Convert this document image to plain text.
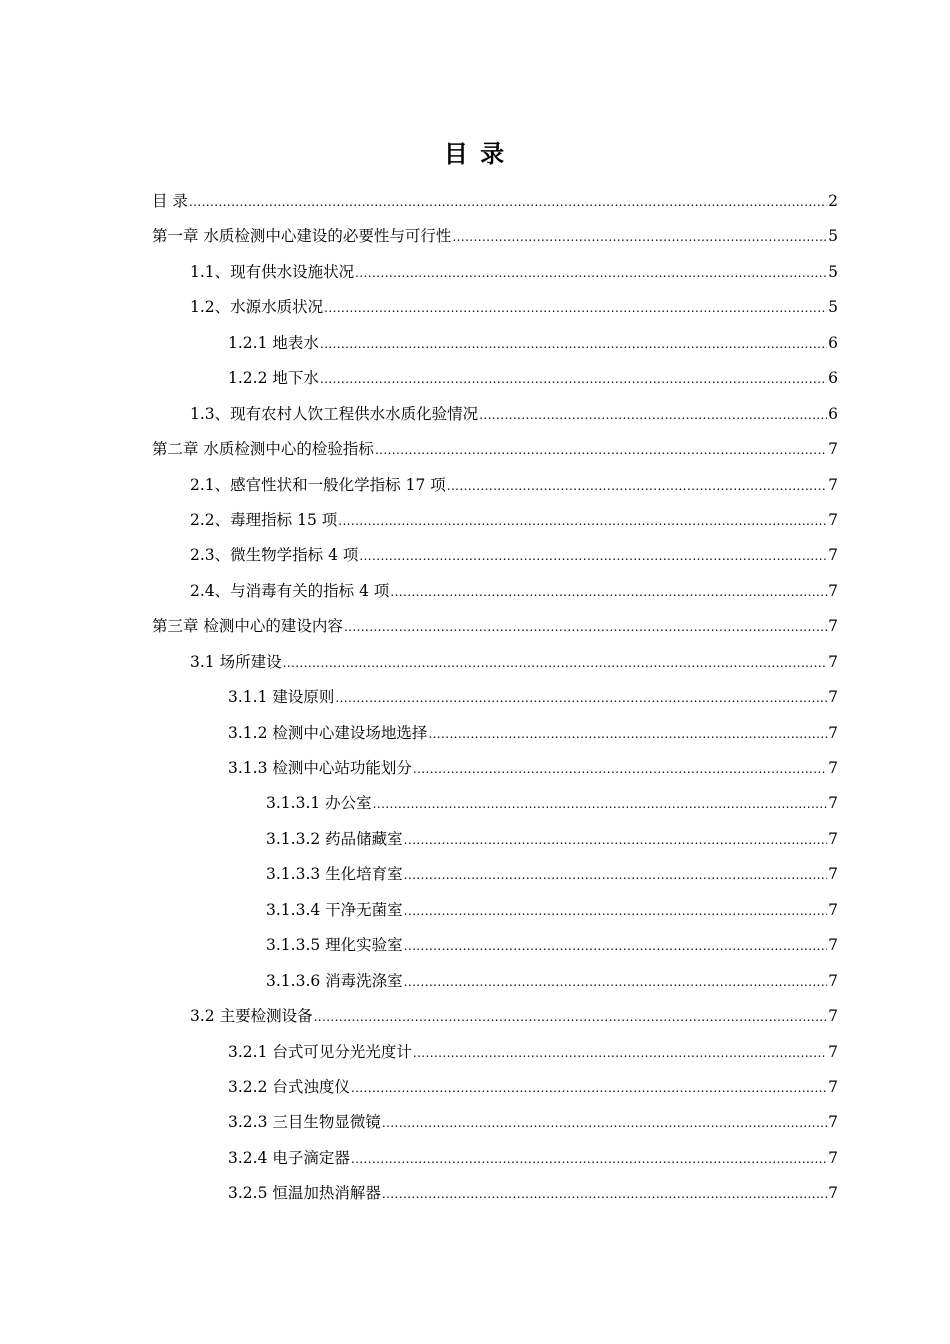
目 录
目 录 .....	2
第一章 水质检测中心建设的必要性与可行性 .....	5
1.1、现有供水设施状况 .....	5
1.2、水源水质状况 .....	5
1.2.1 地表水 .....	6
1.2.2 地下水 .....	6
1.3、现有农村人饮工程供水水质化验情况 .....	6
第二章 水质检测中心的检验指标 .....	7
2.1、感官性状和一般化学指标 17 项 .....	7
2.2、毒理指标 15 项 .....	7
2.3、微生物学指标 4 项 .....	7
2.4、与消毒有关的指标 4 项 .....	7
第三章 检测中心的建设内容 .....	7
3.1 场所建设 .....	7
3.1.1 建设原则 .....	7
3.1.2 检测中心建设场地选择 .....	7
3.1.3 检测中心站功能划分 .....	7
3.1.3.1 办公室 .....	7
3.1.3.2 药品储藏室 .....	7
3.1.3.3 生化培育室 .....	7
3.1.3.4 干净无菌室 .....	7
3.1.3.5 理化实验室 .....	7
3.1.3.6 消毒洗涤室 .....	7
3.2 主要检测设备 .....	7
3.2.1 台式可见分光光度计 .....	7
3.2.2 台式浊度仪 .....	7
3.2.3 三目生物显微镜 .....	7
3.2.4 电子滴定器 .....	7
3.2.5 恒温加热消解器 .....	7
